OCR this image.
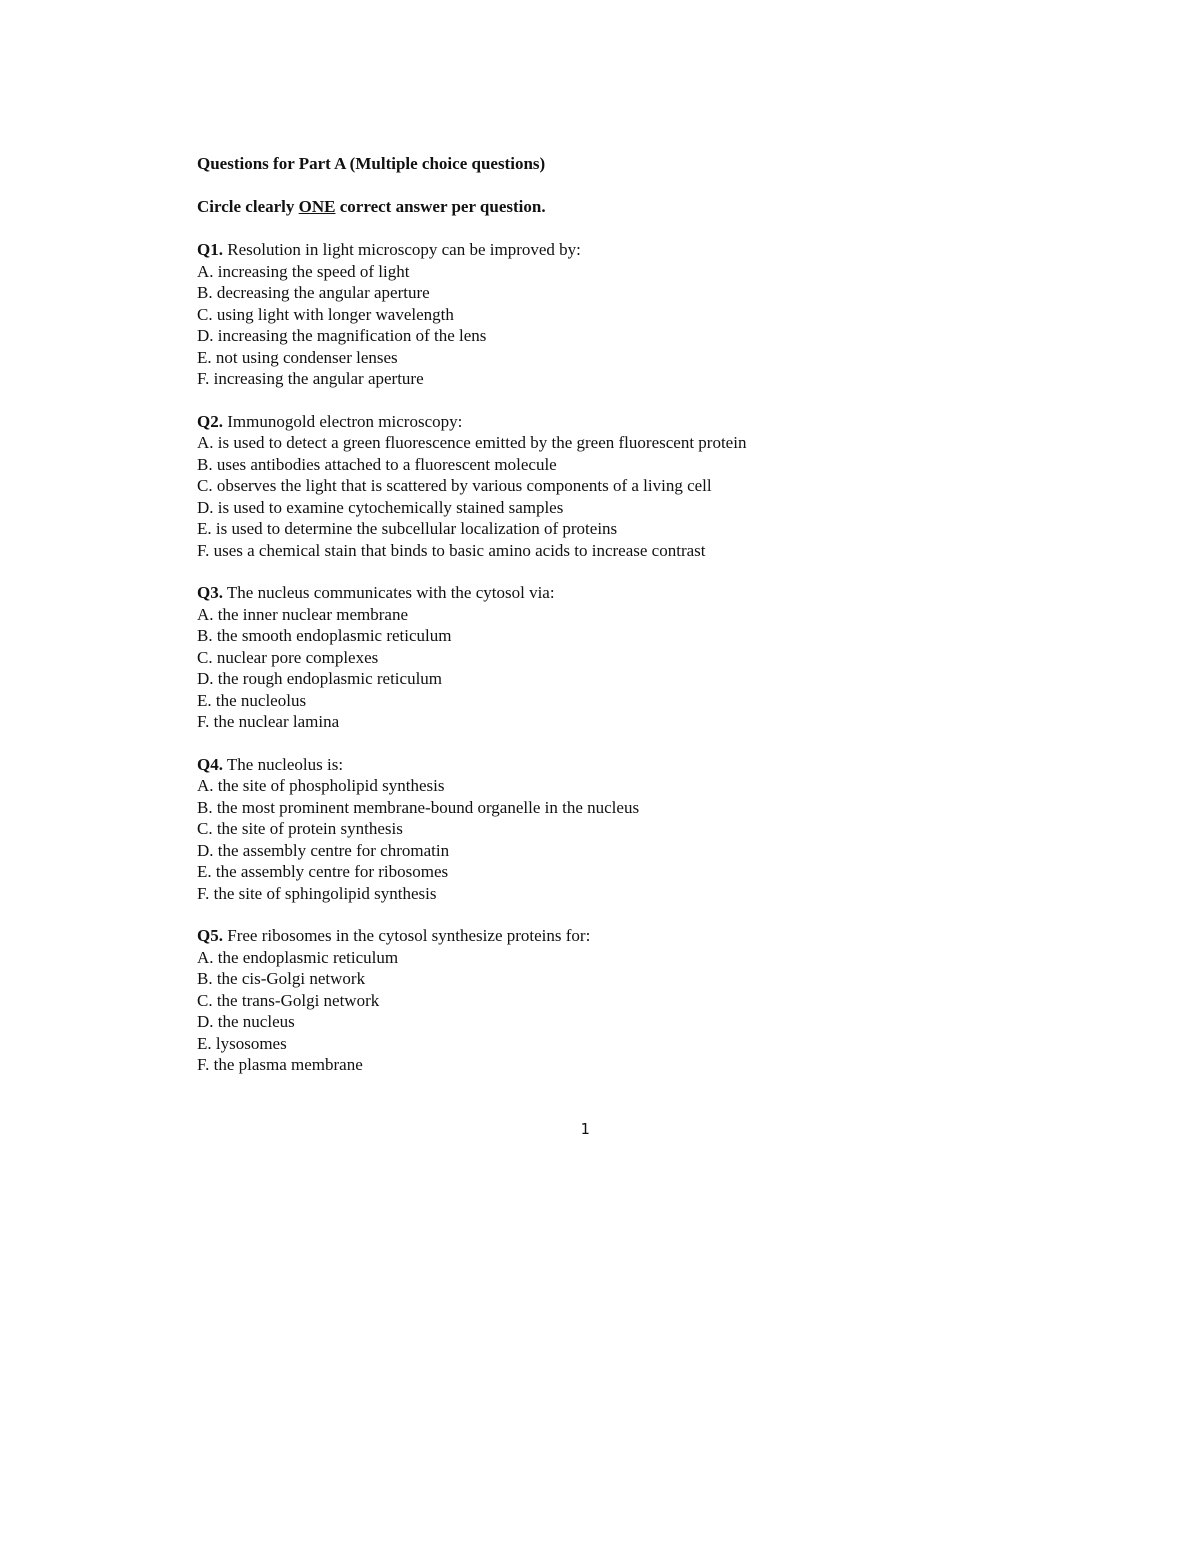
Questions for Part A (Multiple choice questions)

Circle clearly ONE correct answer per question.

Q1. Resolution in light microscopy can be improved by:

A. increasing the speed of light

B. decreasing the angular aperture

C. using light with longer wavelength

D. increasing the magnification of the lens

E. not using condenser lenses

F. increasing the angular aperture

Q2. Immunogold electron microscopy:

A. is used to detect a green fluorescence emitted by the green fluorescent protein

B. uses antibodies attached to a fluorescent molecule

C. observes the light that is scattered by various components of a living cell

D. is used to examine cytochemically stained samples

E. is used to determine the subcellular localization of proteins

F. uses a chemical stain that binds to basic amino acids to increase contrast

Q3. The nucleus communicates with the cytosol via:

A. the inner nuclear membrane

B. the smooth endoplasmic reticulum

C. nuclear pore complexes

D. the rough endoplasmic reticulum

E. the nucleolus

F. the nuclear lamina

Q4. The nucleolus is:

A. the site of phospholipid synthesis

B. the most prominent membrane-bound organelle in the nucleus

C. the site of protein synthesis

D. the assembly centre for chromatin

E. the assembly centre for ribosomes

F. the site of sphingolipid synthesis

Q5. Free ribosomes in the cytosol synthesize proteins for:

A. the endoplasmic reticulum

B. the cis-Golgi network

C. the trans-Golgi network

D. the nucleus

E. lysosomes

F. the plasma membrane

1
